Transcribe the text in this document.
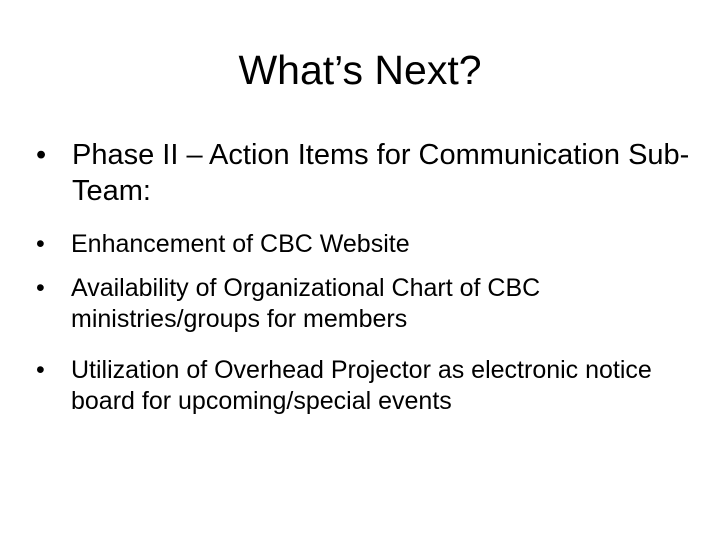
What’s Next?
• Phase II – Action Items for Communication Sub-Team:
• Enhancement of CBC Website
• Availability of Organizational Chart of CBC ministries/groups for members
• Utilization of Overhead Projector as electronic notice board for upcoming/special events
